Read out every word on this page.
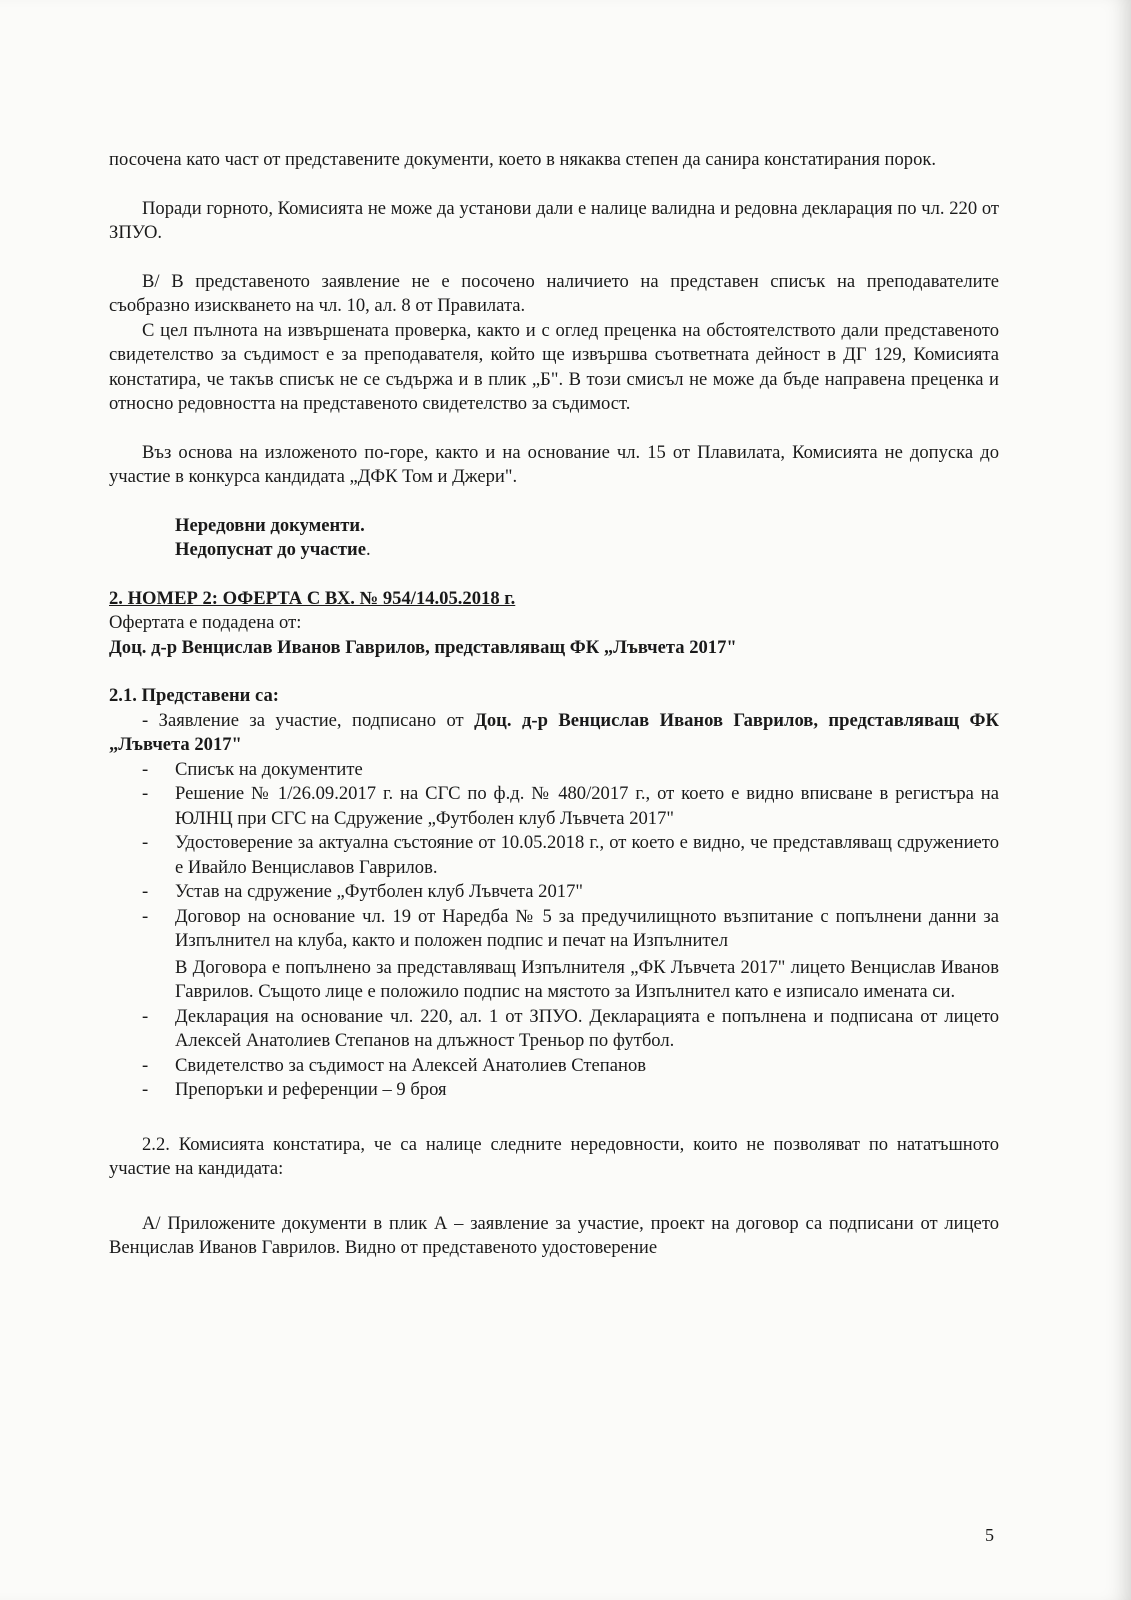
посочена като част от представените документи, което в някаква степен да санира констатирания порок.

Поради горното, Комисията не може да установи дали е налице валидна и редовна декларация по чл. 220 от ЗПУО.

В/ В представеното заявление не е посочено наличието на представен списък на преподавателите съобразно изискването на чл. 10, ал. 8 от Правилата.

С цел пълнота на извършената проверка, както и с оглед преценка на обстоятелството дали представеното свидетелство за съдимост е за преподавателя, който ще извършва съответната дейност в ДГ 129, Комисията констатира, че такъв списък не се съдържа и в плик „Б". В този смисъл не може да бъде направена преценка и относно редовността на представеното свидетелство за съдимост.

Въз основа на изложеното по-горе, както и на основание чл. 15 от Плавилата, Комисията не допуска до участие в конкурса кандидата „ДФК Том и Джери".

Нередовни документи.
Недопуснат до участие.
2. НОМЕР 2: ОФЕРТА С ВХ. № 954/14.05.2018 г.
Офертата е подадена от:
Доц. д-р Венцислав Иванов Гаврилов, представляващ ФК „Лъвчета 2017"
2.1. Представени са:

- Заявление за участие, подписано от Доц. д-р Венцислав Иванов Гаврилов, представляващ ФК „Лъвчета 2017"

- Списък на документите
- Решение № 1/26.09.2017 г. на СГС по ф.д. № 480/2017 г., от което е видно вписване в регистъра на ЮЛНЦ при СГС на Сдружение „Футболен клуб Лъвчета 2017"
- Удостоверение за актуална състояние от 10.05.2018 г., от което е видно, че представляващ сдружението е Ивайло Венциславов Гаврилов.
- Устав на сдружение „Футболен клуб Лъвчета 2017"
- Договор на основание чл. 19 от Наредба № 5 за предучилищното възпитание с попълнени данни за Изпълнител на клуба, както и положен подпис и печат на Изпълнител
В Договора е попълнено за представляващ Изпълнителя „ФК Лъвчета 2017" лицето Венцислав Иванов Гаврилов. Същото лице е положило подпис на мястото за Изпълнител като е изписало имената си.
- Декларация на основание чл. 220, ал. 1 от ЗПУО. Декларацията е попълнена и подписана от лицето Алексей Анатолиев Степанов на длъжност Треньор по футбол.
- Свидетелство за съдимост на Алексей Анатолиев Степанов
- Препоръки и референции – 9 броя

2.2. Комисията констатира, че са налице следните нередовности, които не позволяват по нататъшното участие на кандидата:

А/ Приложените документи в плик А – заявление за участие, проект на договор са подписани от лицето Венцислав Иванов Гаврилов. Видно от представеното удостоверение

5
